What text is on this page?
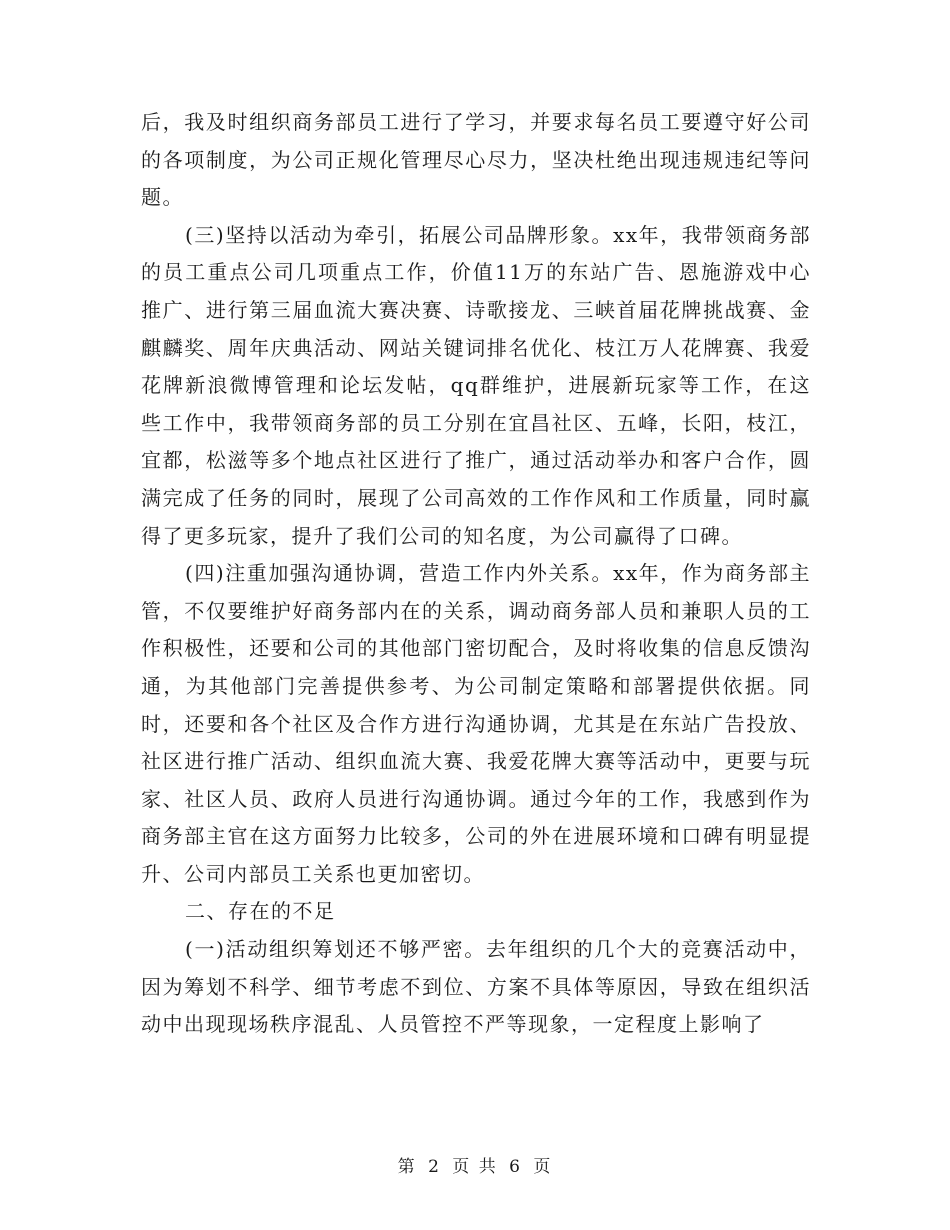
后，我及时组织商务部员工进行了学习，并要求每名员工要遵守好公司的各项制度，为公司正规化管理尽心尽力，坚决杜绝出现违规违纪等问题。

(三)坚持以活动为牵引，拓展公司品牌形象。xx年，我带领商务部的员工重点公司几项重点工作，价值11万的东站广告、恩施游戏中心推广、进行第三届血流大赛决赛、诗歌接龙、三峡首届花牌挑战赛、金麒麟奖、周年庆典活动、网站关键词排名优化、枝江万人花牌赛、我爱花牌新浪微博管理和论坛发帖，qq群维护，进展新玩家等工作，在这些工作中，我带领商务部的员工分别在宜昌社区、五峰，长阳，枝江，宜都，松滋等多个地点社区进行了推广，通过活动举办和客户合作，圆满完成了任务的同时，展现了公司高效的工作作风和工作质量，同时赢得了更多玩家，提升了我们公司的知名度，为公司赢得了口碑。

(四)注重加强沟通协调，营造工作内外关系。xx年，作为商务部主管，不仅要维护好商务部内在的关系，调动商务部人员和兼职人员的工作积极性，还要和公司的其他部门密切配合，及时将收集的信息反馈沟通，为其他部门完善提供参考、为公司制定策略和部署提供依据。同时，还要和各个社区及合作方进行沟通协调，尤其是在东站广告投放、社区进行推广活动、组织血流大赛、我爱花牌大赛等活动中，更要与玩家、社区人员、政府人员进行沟通协调。通过今年的工作，我感到作为商务部主官在这方面努力比较多，公司的外在进展环境和口碑有明显提升、公司内部员工关系也更加密切。

二、存在的不足

(一)活动组织筹划还不够严密。去年组织的几个大的竞赛活动中，因为筹划不科学、细节考虑不到位、方案不具体等原因，导致在组织活动中出现现场秩序混乱、人员管控不严等现象，一定程度上影响了

第 2 页 共 6 页
